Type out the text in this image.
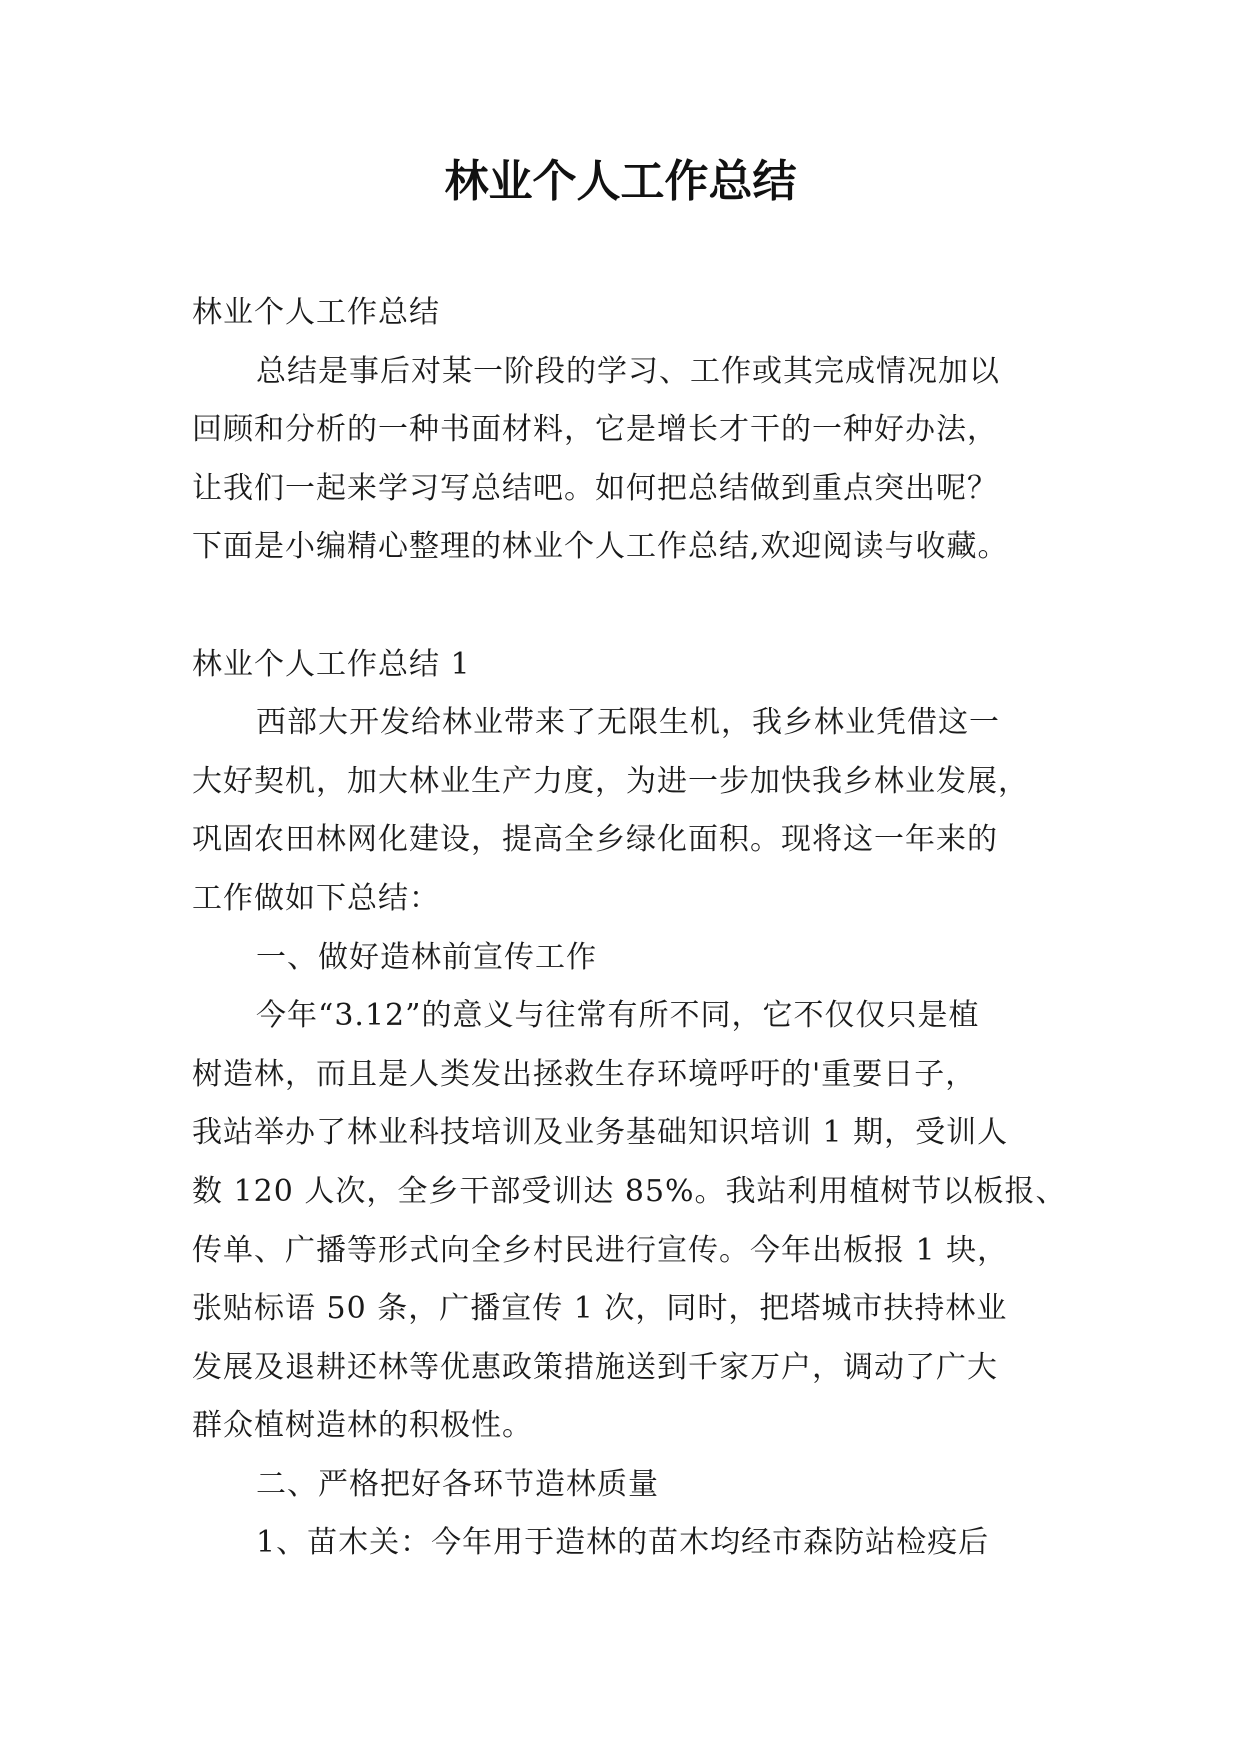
林业个人工作总结

林业个人工作总结

总结是事后对某一阶段的学习、工作或其完成情况加以

回顾和分析的一种书面材料，它是增长才干的一种好办法，

让我们一起来学习写总结吧。如何把总结做到重点突出呢？

下面是小编精心整理的林业个人工作总结,欢迎阅读与收藏。

林业个人工作总结 1

西部大开发给林业带来了无限生机，我乡林业凭借这一

大好契机，加大林业生产力度，为进一步加快我乡林业发展，

巩固农田林网化建设，提高全乡绿化面积。现将这一年来的

工作做如下总结：

一、做好造林前宣传工作

今年“3.12”的意义与往常有所不同，它不仅仅只是植

树造林，而且是人类发出拯救生存环境呼吁的'重要日子，

我站举办了林业科技培训及业务基础知识培训 1 期，受训人

数 120 人次，全乡干部受训达 85%。我站利用植树节以板报、

传单、广播等形式向全乡村民进行宣传。今年出板报 1 块，

张贴标语 50 条，广播宣传 1 次，同时，把塔城市扶持林业

发展及退耕还林等优惠政策措施送到千家万户，调动了广大

群众植树造林的积极性。

二、严格把好各环节造林质量

1、苗木关：今年用于造林的苗木均经市森防站检疫后
